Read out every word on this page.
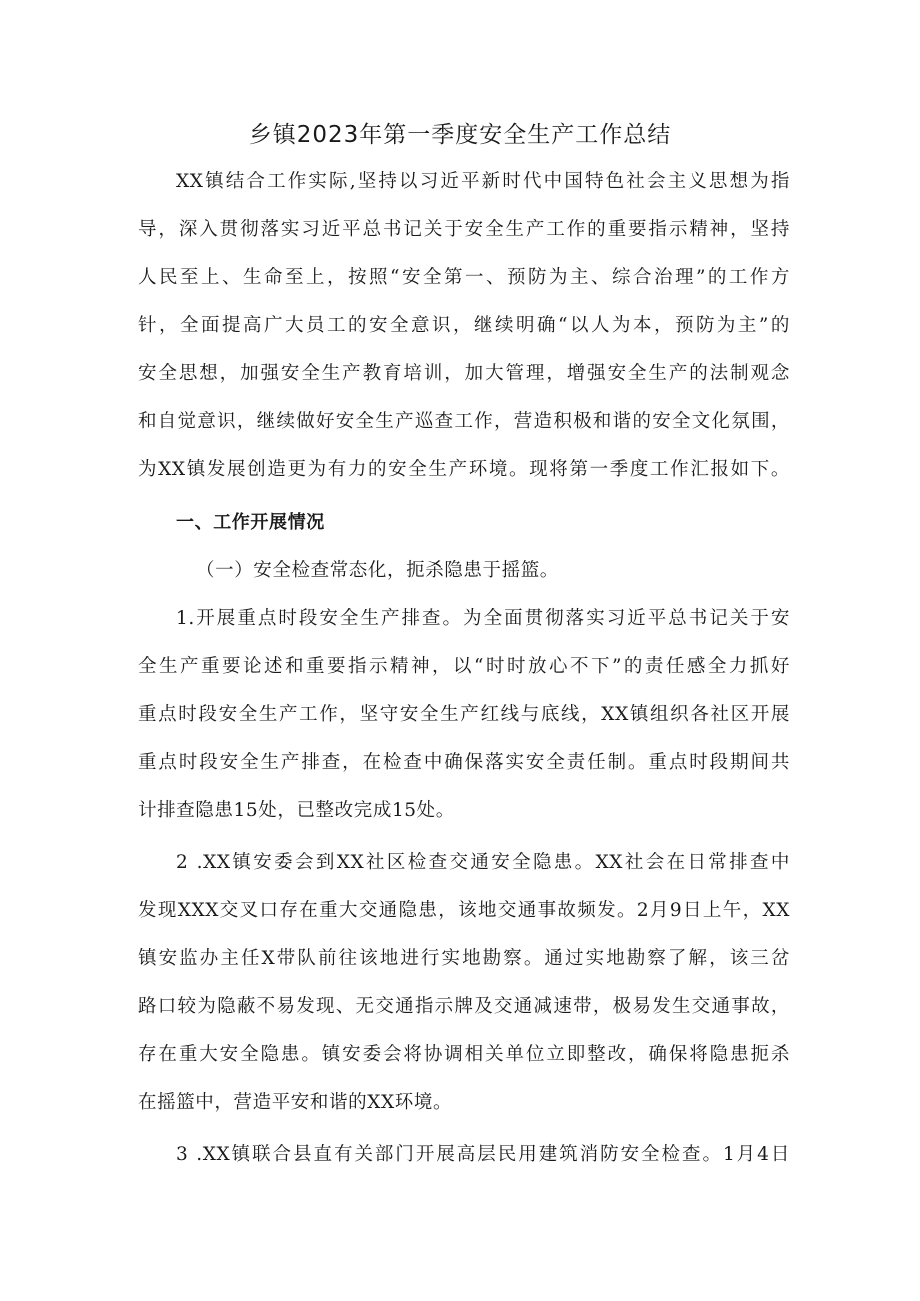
乡镇2023年第一季度安全生产工作总结

XX镇结合工作实际,坚持以习近平新时代中国特色社会主义思想为指

导，深入贯彻落实习近平总书记关于安全生产工作的重要指示精神，坚持

人民至上、生命至上，按照“安全第一、预防为主、综合治理”的工作方

针，全面提高广大员工的安全意识，继续明确“以人为本，预防为主”的

安全思想，加强安全生产教育培训，加大管理，增强安全生产的法制观念

和自觉意识，继续做好安全生产巡查工作，营造积极和谐的安全文化氛围，

为XX镇发展创造更为有力的安全生产环境。现将第一季度工作汇报如下。

一、工作开展情况

（一）安全检查常态化，扼杀隐患于摇篮。

1.开展重点时段安全生产排查。为全面贯彻落实习近平总书记关于安

全生产重要论述和重要指示精神，以“时时放心不下”的责任感全力抓好

重点时段安全生产工作，坚守安全生产红线与底线，XX镇组织各社区开展

重点时段安全生产排查，在检查中确保落实安全责任制。重点时段期间共

计排查隐患15处，已整改完成15处。

2 .XX镇安委会到XX社区检查交通安全隐患。XX社会在日常排查中

发现XXX交叉口存在重大交通隐患，该地交通事故频发。2月9日上午，XX

镇安监办主任X带队前往该地进行实地勘察。通过实地勘察了解，该三岔

路口较为隐蔽不易发现、无交通指示牌及交通减速带，极易发生交通事故，

存在重大安全隐患。镇安委会将协调相关单位立即整改，确保将隐患扼杀

在摇篮中，营造平安和谐的XX环境。

3 .XX镇联合县直有关部门开展高层民用建筑消防安全检查。1月4日
